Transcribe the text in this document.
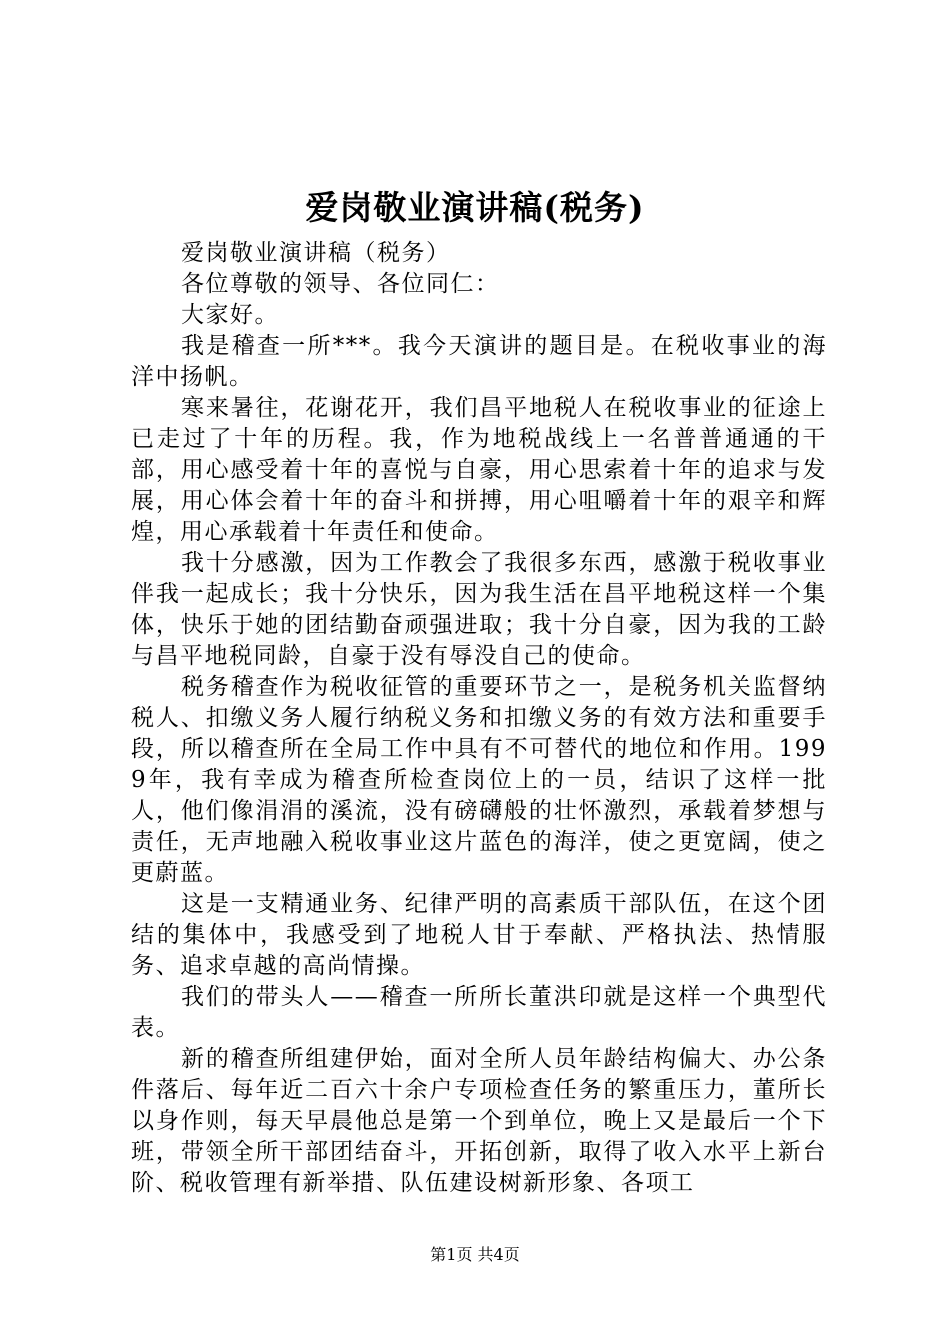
爱岗敬业演讲稿(税务)

爱岗敬业演讲稿（税务）

各位尊敬的领导、各位同仁：

大家好。

我是稽查一所***。我今天演讲的题目是。在税收事业的海洋中扬帆。

寒来暑往，花谢花开，我们昌平地税人在税收事业的征途上已走过了十年的历程。我，作为地税战线上一名普普通通的干部，用心感受着十年的喜悦与自豪，用心思索着十年的追求与发展，用心体会着十年的奋斗和拼搏，用心咀嚼着十年的艰辛和辉煌，用心承载着十年责任和使命。

我十分感激，因为工作教会了我很多东西，感激于税收事业伴我一起成长；我十分快乐，因为我生活在昌平地税这样一个集体，快乐于她的团结勤奋顽强进取；我十分自豪，因为我的工龄与昌平地税同龄，自豪于没有辱没自己的使命。

税务稽查作为税收征管的重要环节之一，是税务机关监督纳税人、扣缴义务人履行纳税义务和扣缴义务的有效方法和重要手段，所以稽查所在全局工作中具有不可替代的地位和作用。1999年，我有幸成为稽查所检查岗位上的一员，结识了这样一批人，他们像涓涓的溪流，没有磅礴般的壮怀激烈，承载着梦想与责任，无声地融入税收事业这片蓝色的海洋，使之更宽阔，使之更蔚蓝。

这是一支精通业务、纪律严明的高素质干部队伍，在这个团结的集体中，我感受到了地税人甘于奉献、严格执法、热情服务、追求卓越的高尚情操。

我们的带头人——稽查一所所长董洪印就是这样一个典型代表。

新的稽查所组建伊始，面对全所人员年龄结构偏大、办公条件落后、每年近二百六十余户专项检查任务的繁重压力，董所长以身作则，每天早晨他总是第一个到单位，晚上又是最后一个下班，带领全所干部团结奋斗，开拓创新，取得了收入水平上新台阶、税收管理有新举措、队伍建设树新形象、各项工

第1页 共4页
